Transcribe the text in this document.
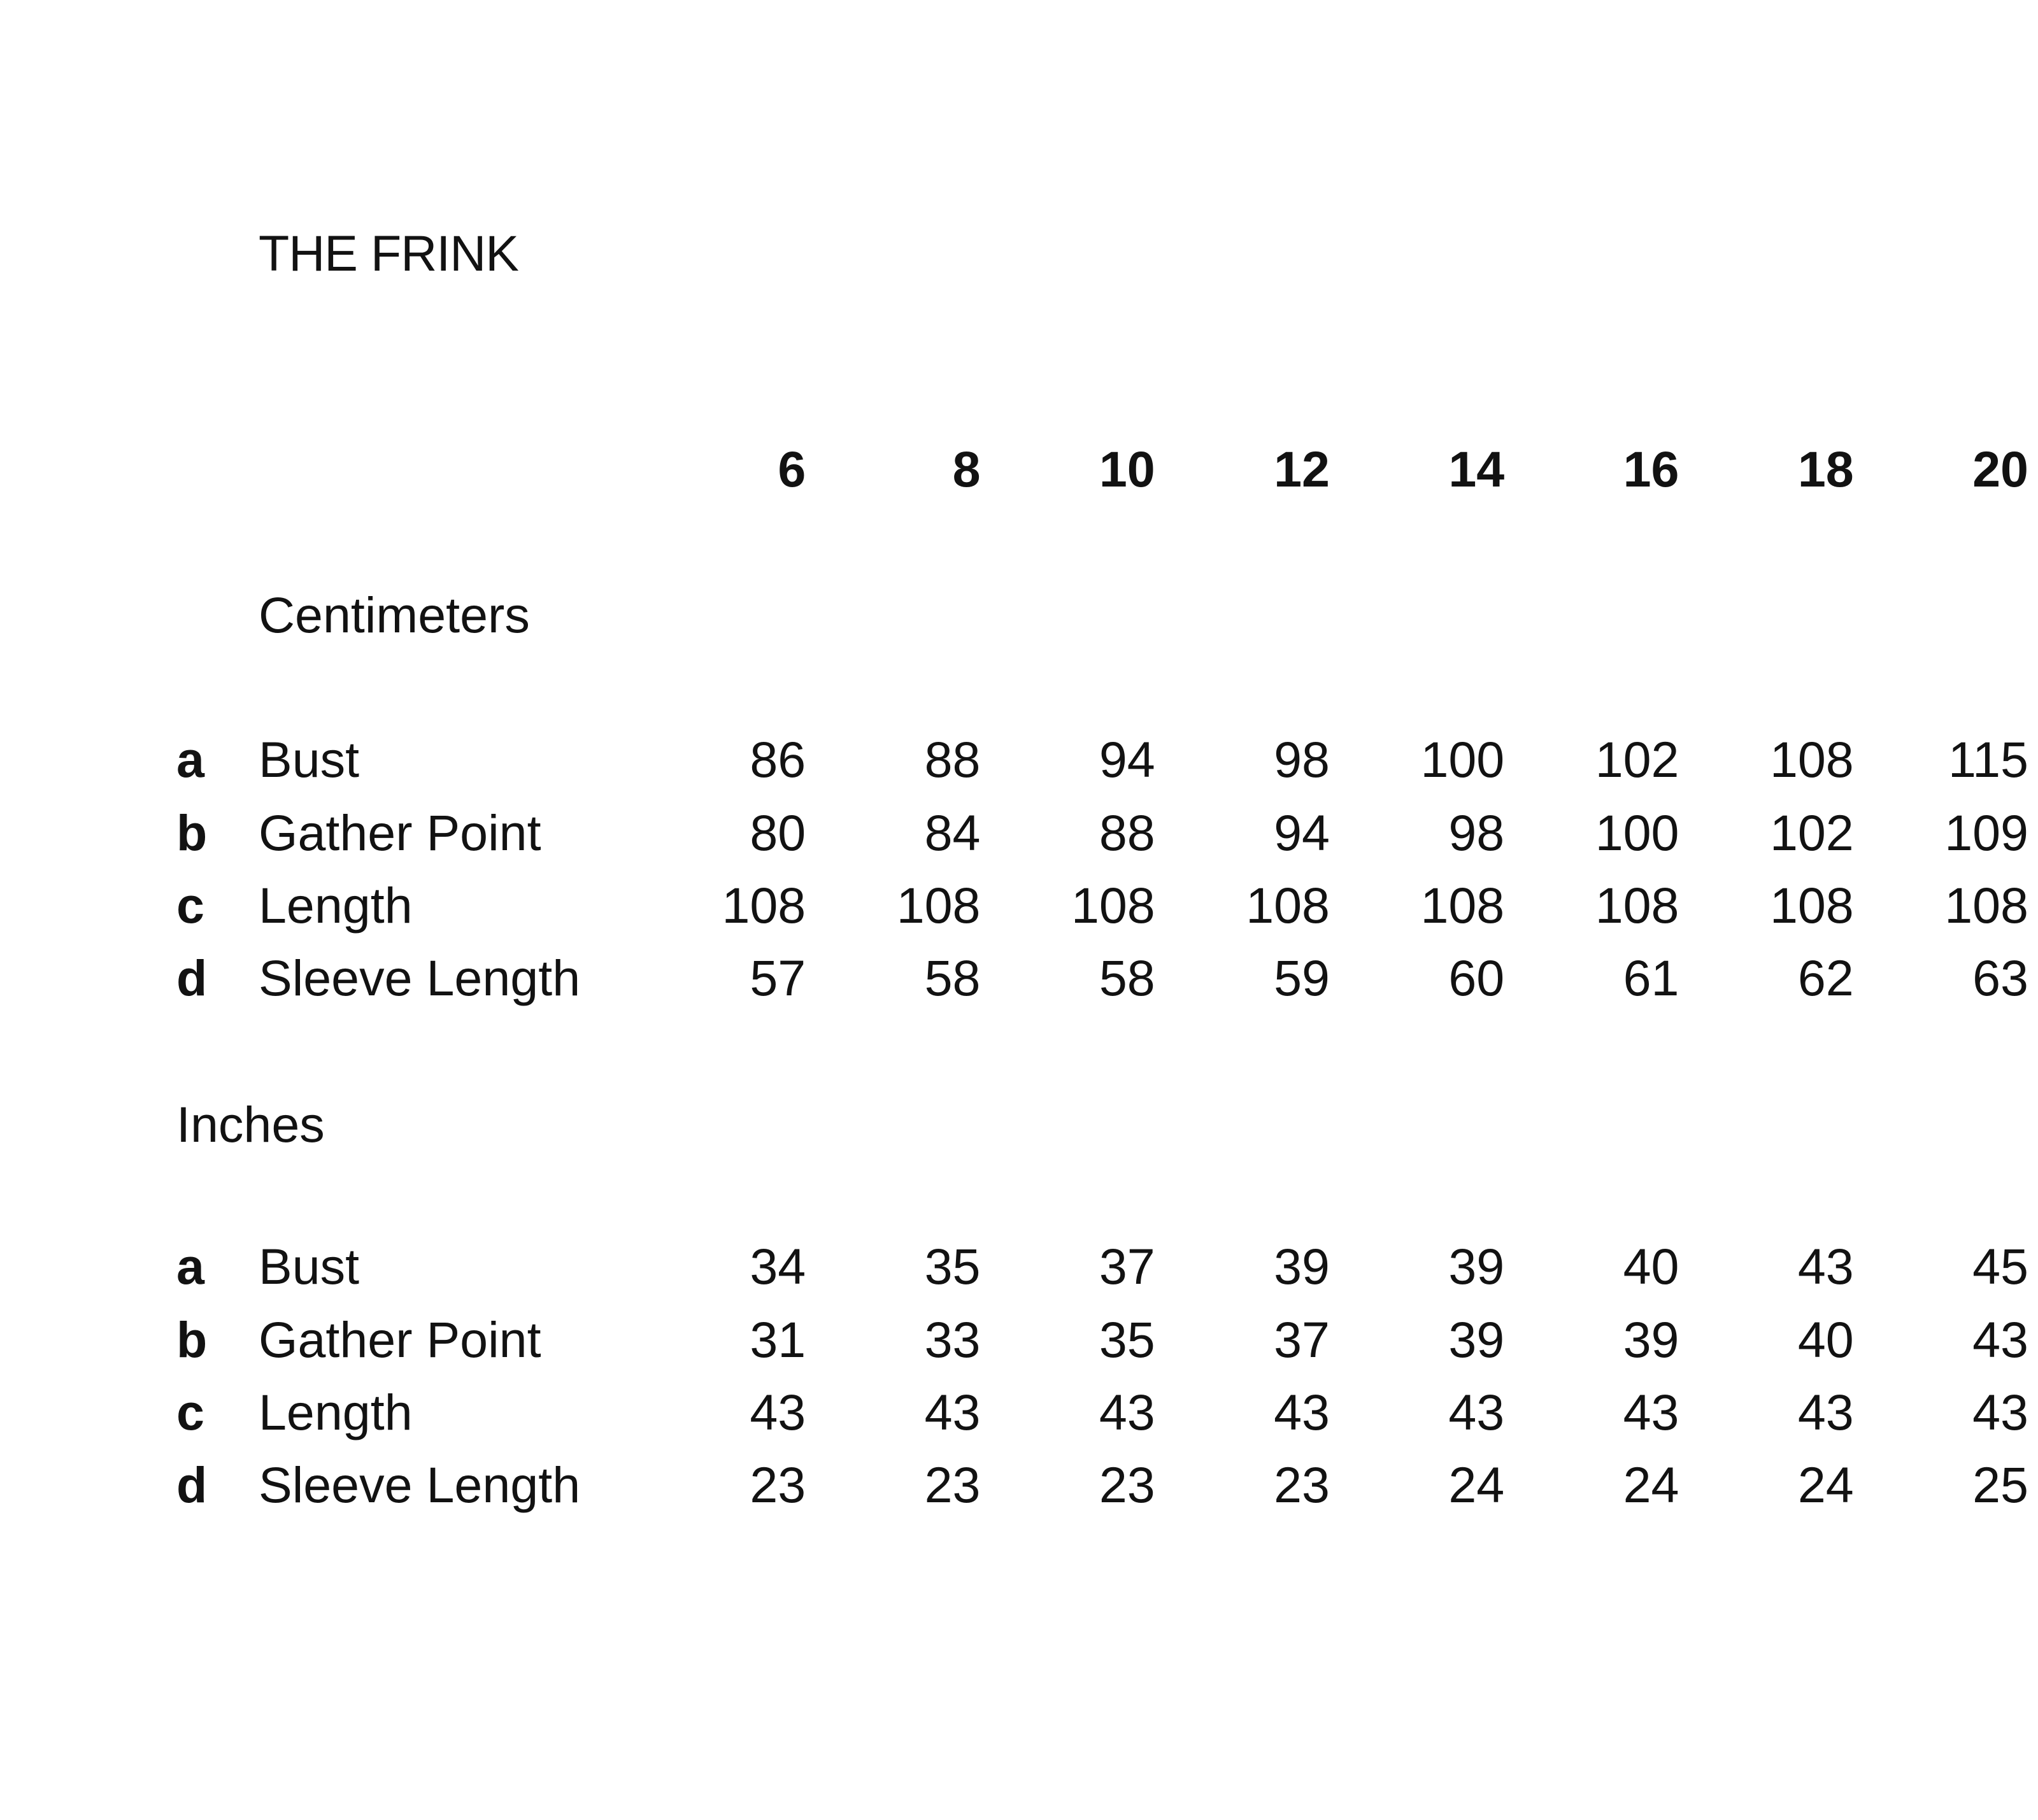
THE FRINK
6	8	10	12	14	16	18	20
Centimeters
a	Bust	86	88	94	98	100	102	108	115
b	Gather Point	80	84	88	94	98	100	102	109
c	Length	108	108	108	108	108	108	108	108
d	Sleeve Length	57	58	58	59	60	61	62	63
Inches
a	Bust	34	35	37	39	39	40	43	45
b	Gather Point	31	33	35	37	39	39	40	43
c	Length	43	43	43	43	43	43	43	43
d	Sleeve Length	23	23	23	23	24	24	24	25
